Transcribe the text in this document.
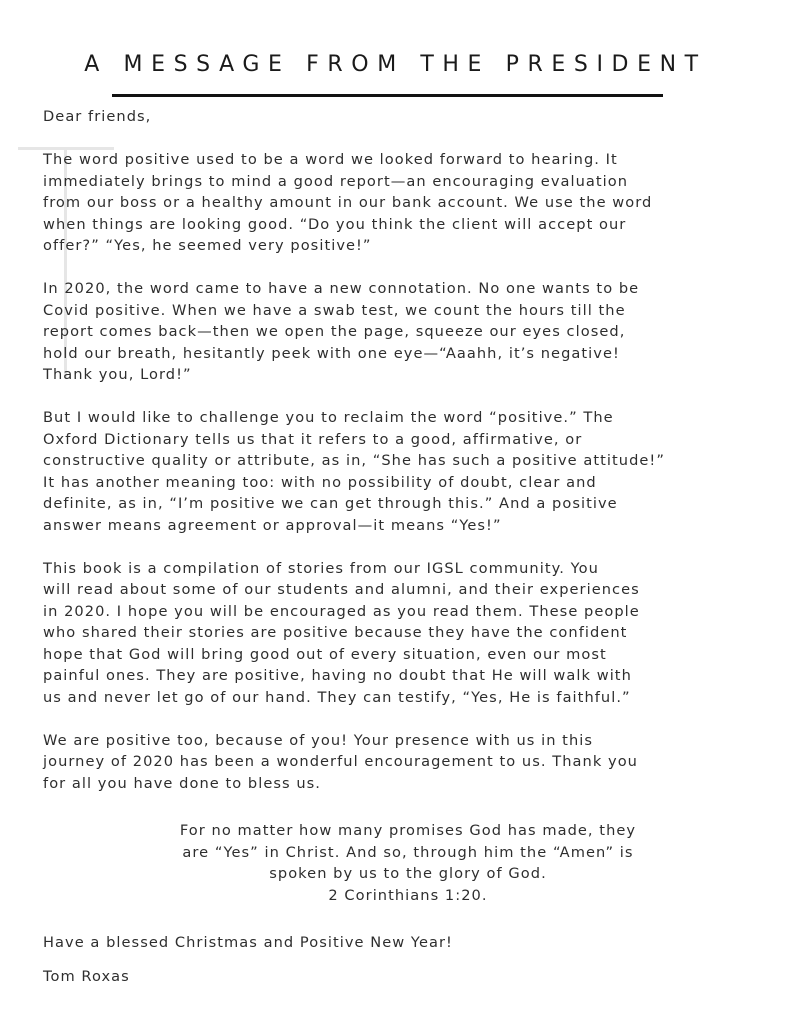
A MESSAGE FROM THE PRESIDENT

Dear friends,

The word positive used to be a word we looked forward to hearing. It
immediately brings to mind a good report—an encouraging evaluation
from our boss or a healthy amount in our bank account. We use the word
when things are looking good. “Do you think the client will accept our
offer?” “Yes, he seemed very positive!”

In 2020, the word came to have a new connotation. No one wants to be
Covid positive. When we have a swab test, we count the hours till the
report comes back—then we open the page, squeeze our eyes closed,
hold our breath, hesitantly peek with one eye—“Aaahh, it’s negative!
Thank you, Lord!”

But I would like to challenge you to reclaim the word “positive.” The
Oxford Dictionary tells us that it refers to a good, affirmative, or
constructive quality or attribute, as in, “She has such a positive attitude!”
It has another meaning too: with no possibility of doubt, clear and
definite, as in, “I’m positive we can get through this.” And a positive
answer means agreement or approval—it means “Yes!”

This book is a compilation of stories from our IGSL community. You
will read about some of our students and alumni, and their experiences
in 2020. I hope you will be encouraged as you read them. These people
who shared their stories are positive because they have the confident
hope that God will bring good out of every situation, even our most
painful ones. They are positive, having no doubt that He will walk with
us and never let go of our hand. They can testify, “Yes, He is faithful.”

We are positive too, because of you! Your presence with us in this
journey of 2020 has been a wonderful encouragement to us. Thank you
for all you have done to bless us.

For no matter how many promises God has made, they
are “Yes” in Christ. And so, through him the “Amen” is
spoken by us to the glory of God.

2 Corinthians 1:20.

Have a blessed Christmas and Positive New Year!

Tom Roxas
